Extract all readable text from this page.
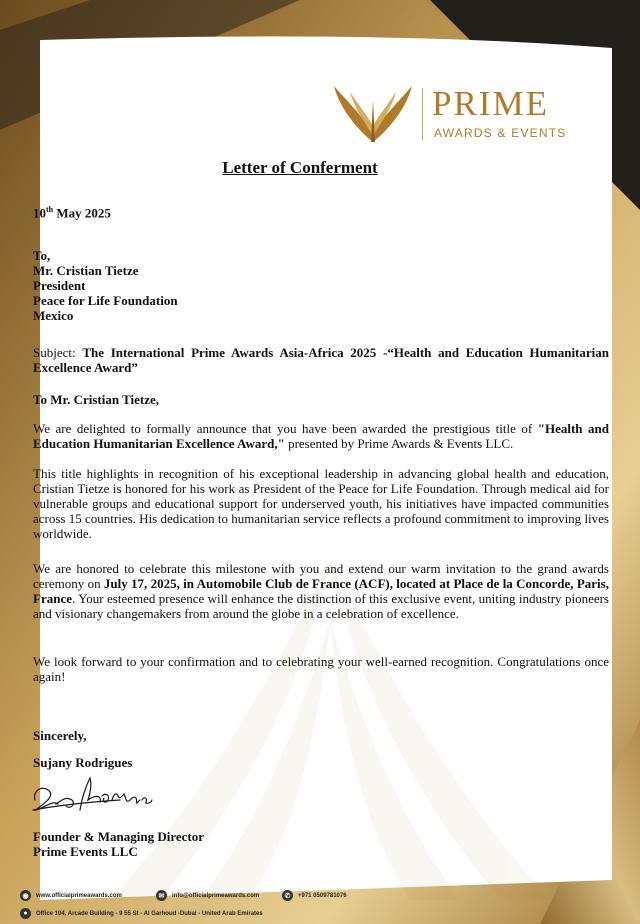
PRIME
AWARDS & EVENTS
Letter of Conferment
10th May 2025
To,
Mr. Cristian Tietze
President
Peace for Life Foundation
Mexico
Subject: The International Prime Awards Asia-Africa 2025 -“Health and Education Humanitarian Excellence Award”
To Mr. Cristian Tietze,
We are delighted to formally announce that you have been awarded the prestigious title of "Health and Education Humanitarian Excellence Award," presented by Prime Awards & Events LLC.
This title highlights in recognition of his exceptional leadership in advancing global health and education, Cristian Tietze is honored for his work as President of the Peace for Life Foundation. Through medical aid for vulnerable groups and educational support for underserved youth, his initiatives have impacted communities across 15 countries. His dedication to humanitarian service reflects a profound commitment to improving lives worldwide.
We are honored to celebrate this milestone with you and extend our warm invitation to the grand awards ceremony on July 17, 2025, in Automobile Club de France (ACF), located at Place de la Concorde, Paris, France. Your esteemed presence will enhance the distinction of this exclusive event, uniting industry pioneers and visionary changemakers from around the globe in a celebration of excellence.
We look forward to your confirmation and to celebrating your well-earned recognition. Congratulations once again!
Sincerely,
Sujany Rodrigues
Founder & Managing Director
Prime Events LLC
◉	www.officialprimeawards.com	✉	info@officialprimeawards.com	✆	+971 0509781076
●	Office 104, Arcade Building - 9 55 St - Al Garhoud -Dubai - United Arab Emirates
